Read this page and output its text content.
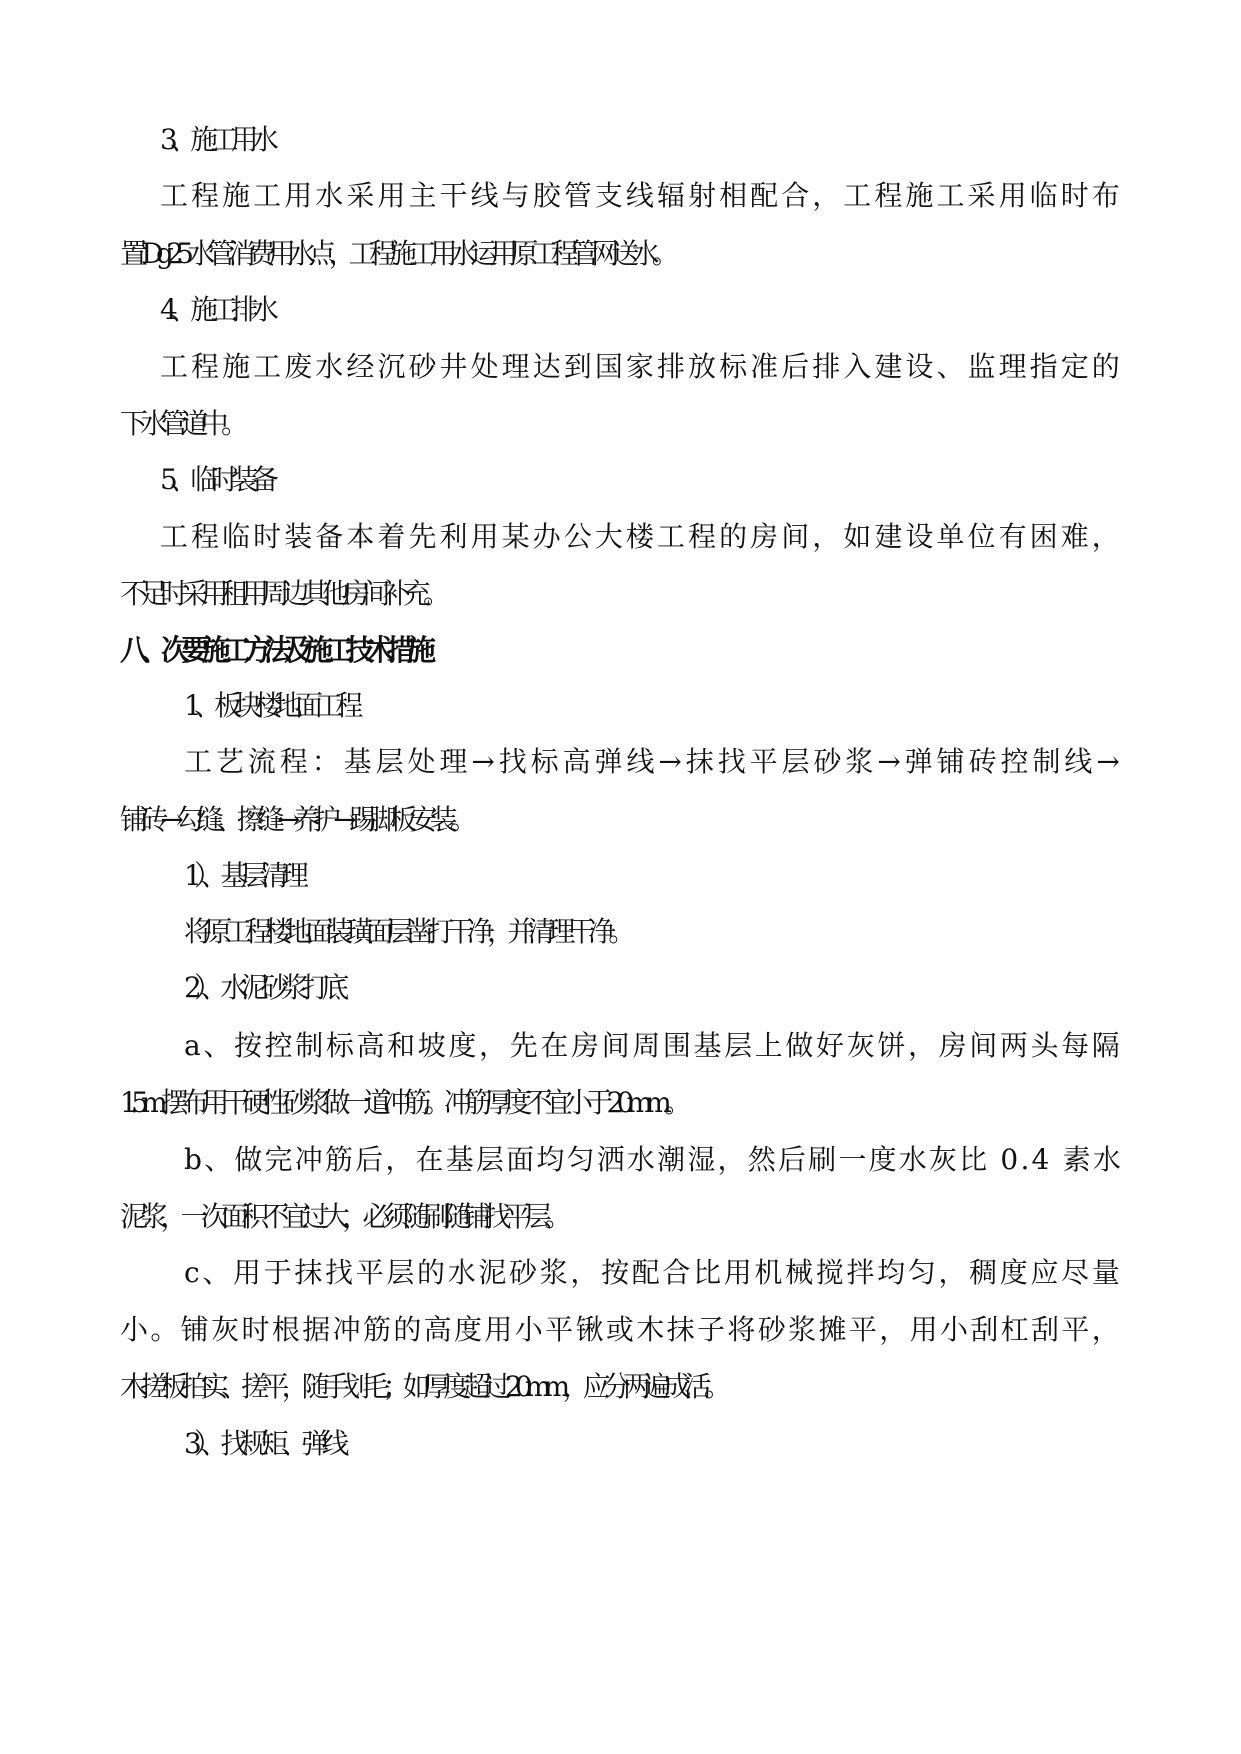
3、施工用水
工程施工用水采用主干线与胶管支线辐射相配合，工程施工采用临时布
置 Dg25 水管消费用水点，工程施工用水运用原工程管网送水。
4、施工排水
工程施工废水经沉砂井处理达到国家排放标准后排入建设、监理指定的
下水管道中。
5、临时装备
工程临时装备本着先利用某办公大楼工程的房间，如建设单位有困难，
不足时采用租用周边其他房间补充。
八、次要施工方法及施工技术措施
1、板块楼地面工程
工艺流程：基层处理→找标高弹线→抹找平层砂浆→弹铺砖控制线→
铺砖→勾缝、擦缝→养护→踢脚板安装。
1）、基层清理
将原工程楼地面装璜面层凿打干净，并清理干净。
2）、水泥砂浆打底
a、按控制标高和坡度，先在房间周围基层上做好灰饼，房间两头每隔
1.5m 摆布用干硬性砂浆做一道冲筋。冲筋厚度不宜小于 20mm。
b、做完冲筋后，在基层面均匀洒水潮湿，然后刷一度水灰比 0.4 素水
泥浆，一次面积不宜过大，必须随刷随铺找平层。
c、用于抹找平层的水泥砂浆，按配合比用机械搅拌均匀，稠度应尽量
小。铺灰时根据冲筋的高度用小平锹或木抹子将砂浆摊平，用小刮杠刮平，
木搓板拍实、搓平，随手划毛；如厚度超过 20mm，应分两遍成活。
3）、找规矩、弹线
